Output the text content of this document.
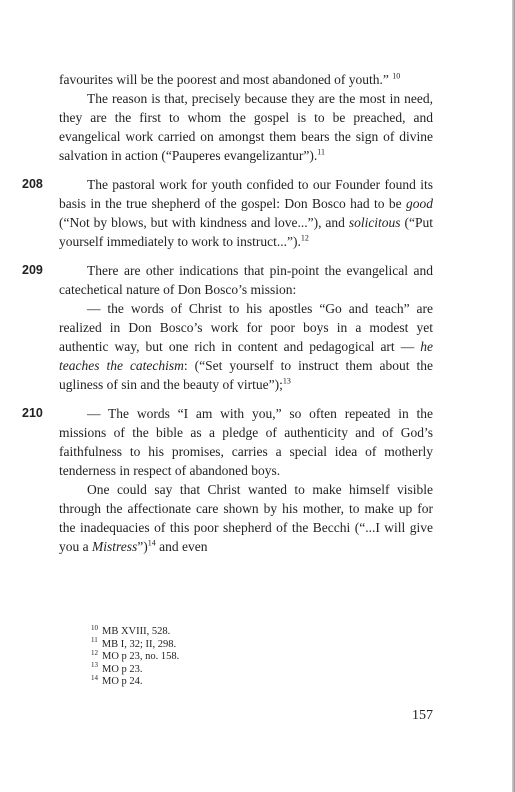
favourites will be the poorest and most abandoned of youth.” $^{10}$

The reason is that, precisely because they are the most in need, they are the first to whom the gospel is to be preached, and evangelical work carried on amongst them bears the sign of divine salvation in action (“Pauperes evangelizantur”).$^{11}$

208	The pastoral work for youth confided to our Founder found its basis in the true shepherd of the gospel: Don Bosco had to be good (“Not by blows, but with kindness and love...”), and solicitous (“Put yourself immediately to work to instruct...”).$^{12}$

209	There are other indications that pin-point the evangelical and catechetical nature of Don Bosco’s mission:

— the words of Christ to his apostles “Go and teach” are realized in Don Bosco’s work for poor boys in a modest yet authentic way, but one rich in content and pedagogical art — he teaches the catechism: (“Set yourself to instruct them about the ugliness of sin and the beauty of virtue”);$^{13}$

210	— The words “I am with you,” so often repeated in the missions of the bible as a pledge of authenticity and of God’s faithfulness to his promises, carries a special idea of motherly tenderness in respect of abandoned boys.

One could say that Christ wanted to make himself visible through the affectionate care shown by his mother, to make up for the inadequacies of this poor shepherd of the Becchi (“...I will give you a Mistress”)$^{14}$ and even

$^{10}$ MB XVIII, 528.
$^{11}$ MB I, 32; II, 298.
$^{12}$ MO p 23, no. 158.
$^{13}$ MO p 23.
$^{14}$ MO p 24.
157
